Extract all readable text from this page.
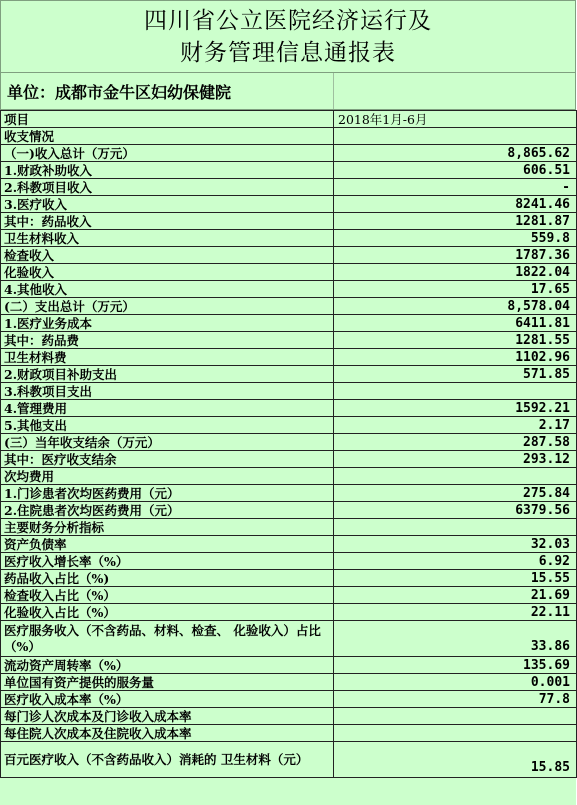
四川省公立医院经济运行及
财务管理信息通报表
单位：成都市金牛区妇幼保健院
项目	2018年1月-6月
收支情况	
（一)收入总计（万元）	8,865.62
1.财政补助收入	606.51
2.科教项目收入	-
3.医疗收入	8241.46
其中：药品收入	1281.87
卫生材料收入	559.8
检查收入	1787.36
化验收入	1822.04
4.其他收入	17.65
(二）支出总计（万元）	8,578.04
1.医疗业务成本	6411.81
其中：药品费	1281.55
卫生材料费	1102.96
2.财政项目补助支出	571.85
3.科教项目支出	
4.管理费用	1592.21
5.其他支出	2.17
(三）当年收支结余（万元）	287.58
其中：医疗收支结余	293.12
次均费用	
1.门诊患者次均医药费用（元）	275.84
2.住院患者次均医药费用（元）	6379.56
主要财务分析指标	
资产负债率	32.03
医疗收入增长率（%）	6.92
药品收入占比（%)	15.55
检查收入占比（%）	21.69
化验收入占比（%）	22.11
医疗服务收入（不含药品、材料、检查、 化验收入）占比（%）	33.86
流动资产周转率（%）	135.69
单位国有资产提供的服务量	0.001
医疗收入成本率（%）	77.8
每门诊人次成本及门诊收入成本率	
每住院人次成本及住院收入成本率	
百元医疗收入（不含药品收入）消耗的 卫生材料（元）	15.85
